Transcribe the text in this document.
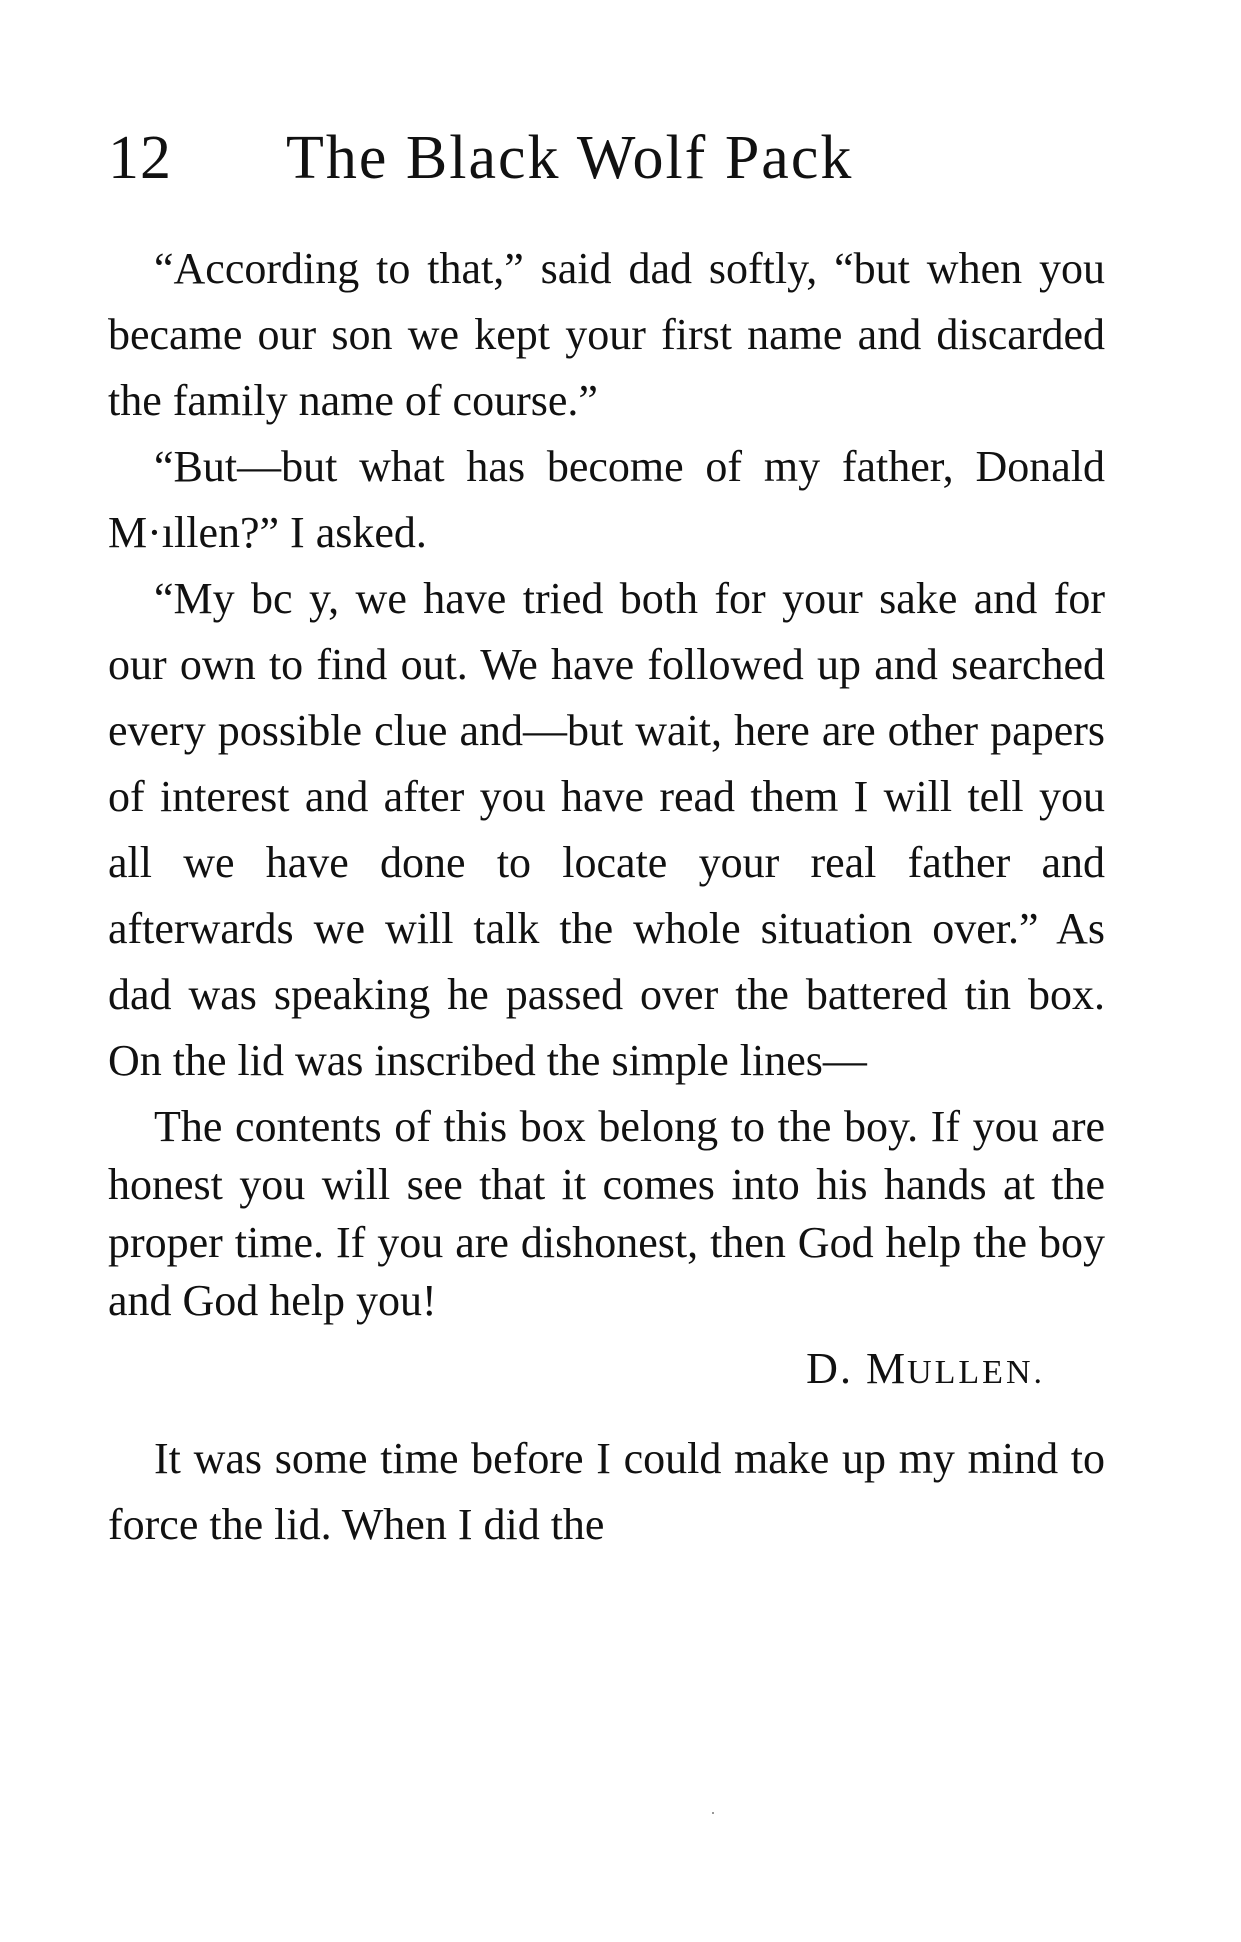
12 The Black Wolf Pack

“According to that,” said dad softly, “but when you became our son we kept your first name and discarded the family name of course.”

“But—but what has become of my father, Donald M·ıllen?” I asked.

“My bc y, we have tried both for your sake and for our own to find out. We have followed up and searched every possible clue and—but wait, here are other papers of interest and after you have read them I will tell you all we have done to locate your real father and afterwards we will talk the whole situation over.” As dad was speaking he passed over the battered tin box. On the lid was inscribed the simple lines—

The contents of this box belong to the boy. If you are honest you will see that it comes into his hands at the proper time. If you are dishonest, then God help the boy and God help you!

D. MULLEN.

It was some time before I could make up my mind to force the lid. When I did the
